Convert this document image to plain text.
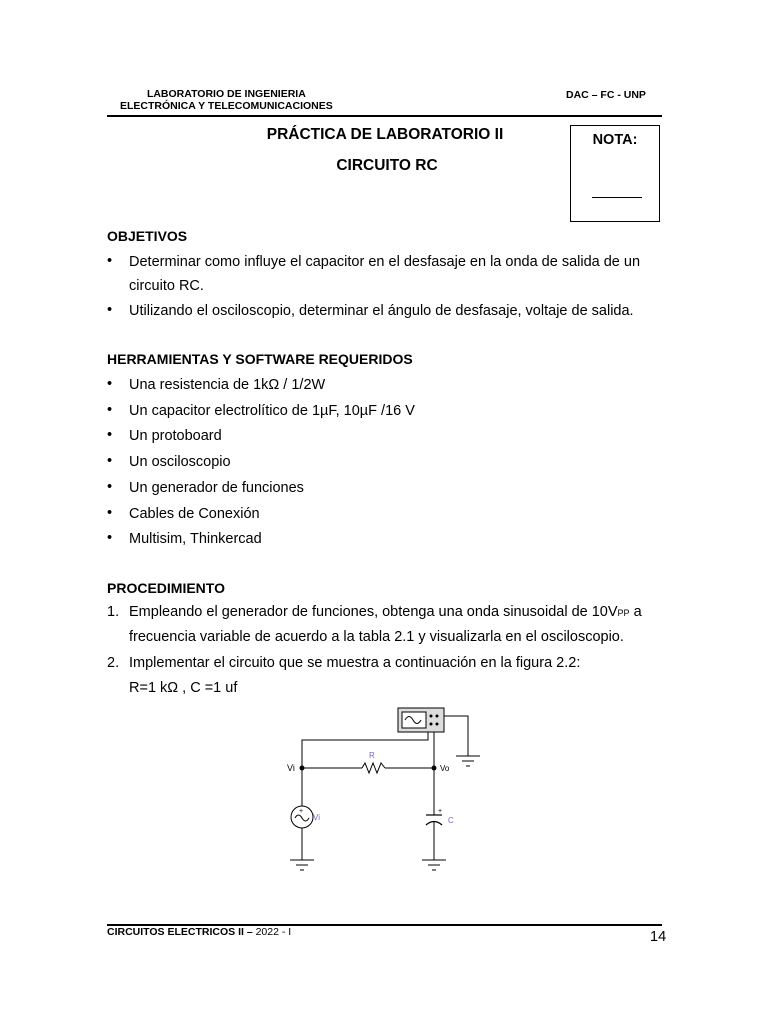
LABORATORIO DE INGENIERIA
ELECTRÓNICA Y TELECOMUNICACIONES
DAC – FC - UNP
PRÁCTICA DE LABORATORIO II
CIRCUITO RC
NOTA:
OBJETIVOS
• Determinar como influye el capacitor en el desfasaje en la onda de salida de un
circuito RC.
• Utilizando el osciloscopio, determinar el ángulo de desfasaje, voltaje de salida.
HERRAMIENTAS Y SOFTWARE REQUERIDOS
• Una resistencia de 1kΩ / 1/2W
• Un capacitor electrolítico de 1µF, 10µF /16 V
• Un protoboard
• Un osciloscopio
• Un generador de funciones
• Cables de Conexión
• Multisim, Thinkercad
PROCEDIMIENTO
1. Empleando el generador de funciones, obtenga una onda sinusoidal de 10VPP a
frecuencia variable de acuerdo a la tabla 2.1 y visualizarla en el osciloscopio.
2. Implementar el circuito que se muestra a continuación en la figura 2.2:
R=1 kΩ , C =1 uf
+	+
Vi
R
Vo
Vi	C
CIRCUITOS ELECTRICOS II – 2022 - I	14
